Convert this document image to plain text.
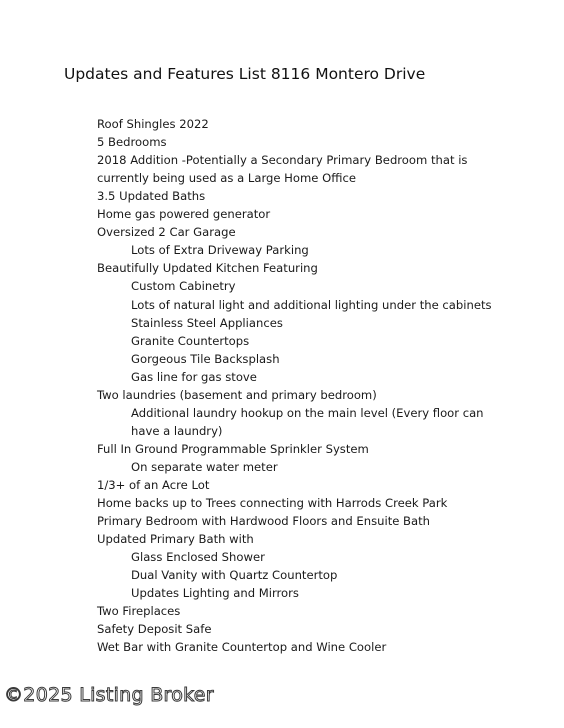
Updates and Features List 8116 Montero Drive
Roof Shingles 2022
5 Bedrooms
2018 Addition -Potentially a Secondary Primary Bedroom that is
currently being used as a Large Home Office
3.5 Updated Baths
Home gas powered generator
Oversized 2 Car Garage
Lots of Extra Driveway Parking
Beautifully Updated Kitchen Featuring
Custom Cabinetry
Lots of natural light and additional lighting under the cabinets
Stainless Steel Appliances
Granite Countertops
Gorgeous Tile Backsplash
Gas line for gas stove
Two laundries (basement and primary bedroom)
Additional laundry hookup on the main level (Every floor can
have a laundry)
Full In Ground Programmable Sprinkler System
On separate water meter
1/3+ of an Acre Lot
Home backs up to Trees connecting with Harrods Creek Park
Primary Bedroom with Hardwood Floors and Ensuite Bath
Updated Primary Bath with
Glass Enclosed Shower
Dual Vanity with Quartz Countertop
Updates Lighting and Mirrors
Two Fireplaces
Safety Deposit Safe
Wet Bar with Granite Countertop and Wine Cooler
©2025 Listing Broker
